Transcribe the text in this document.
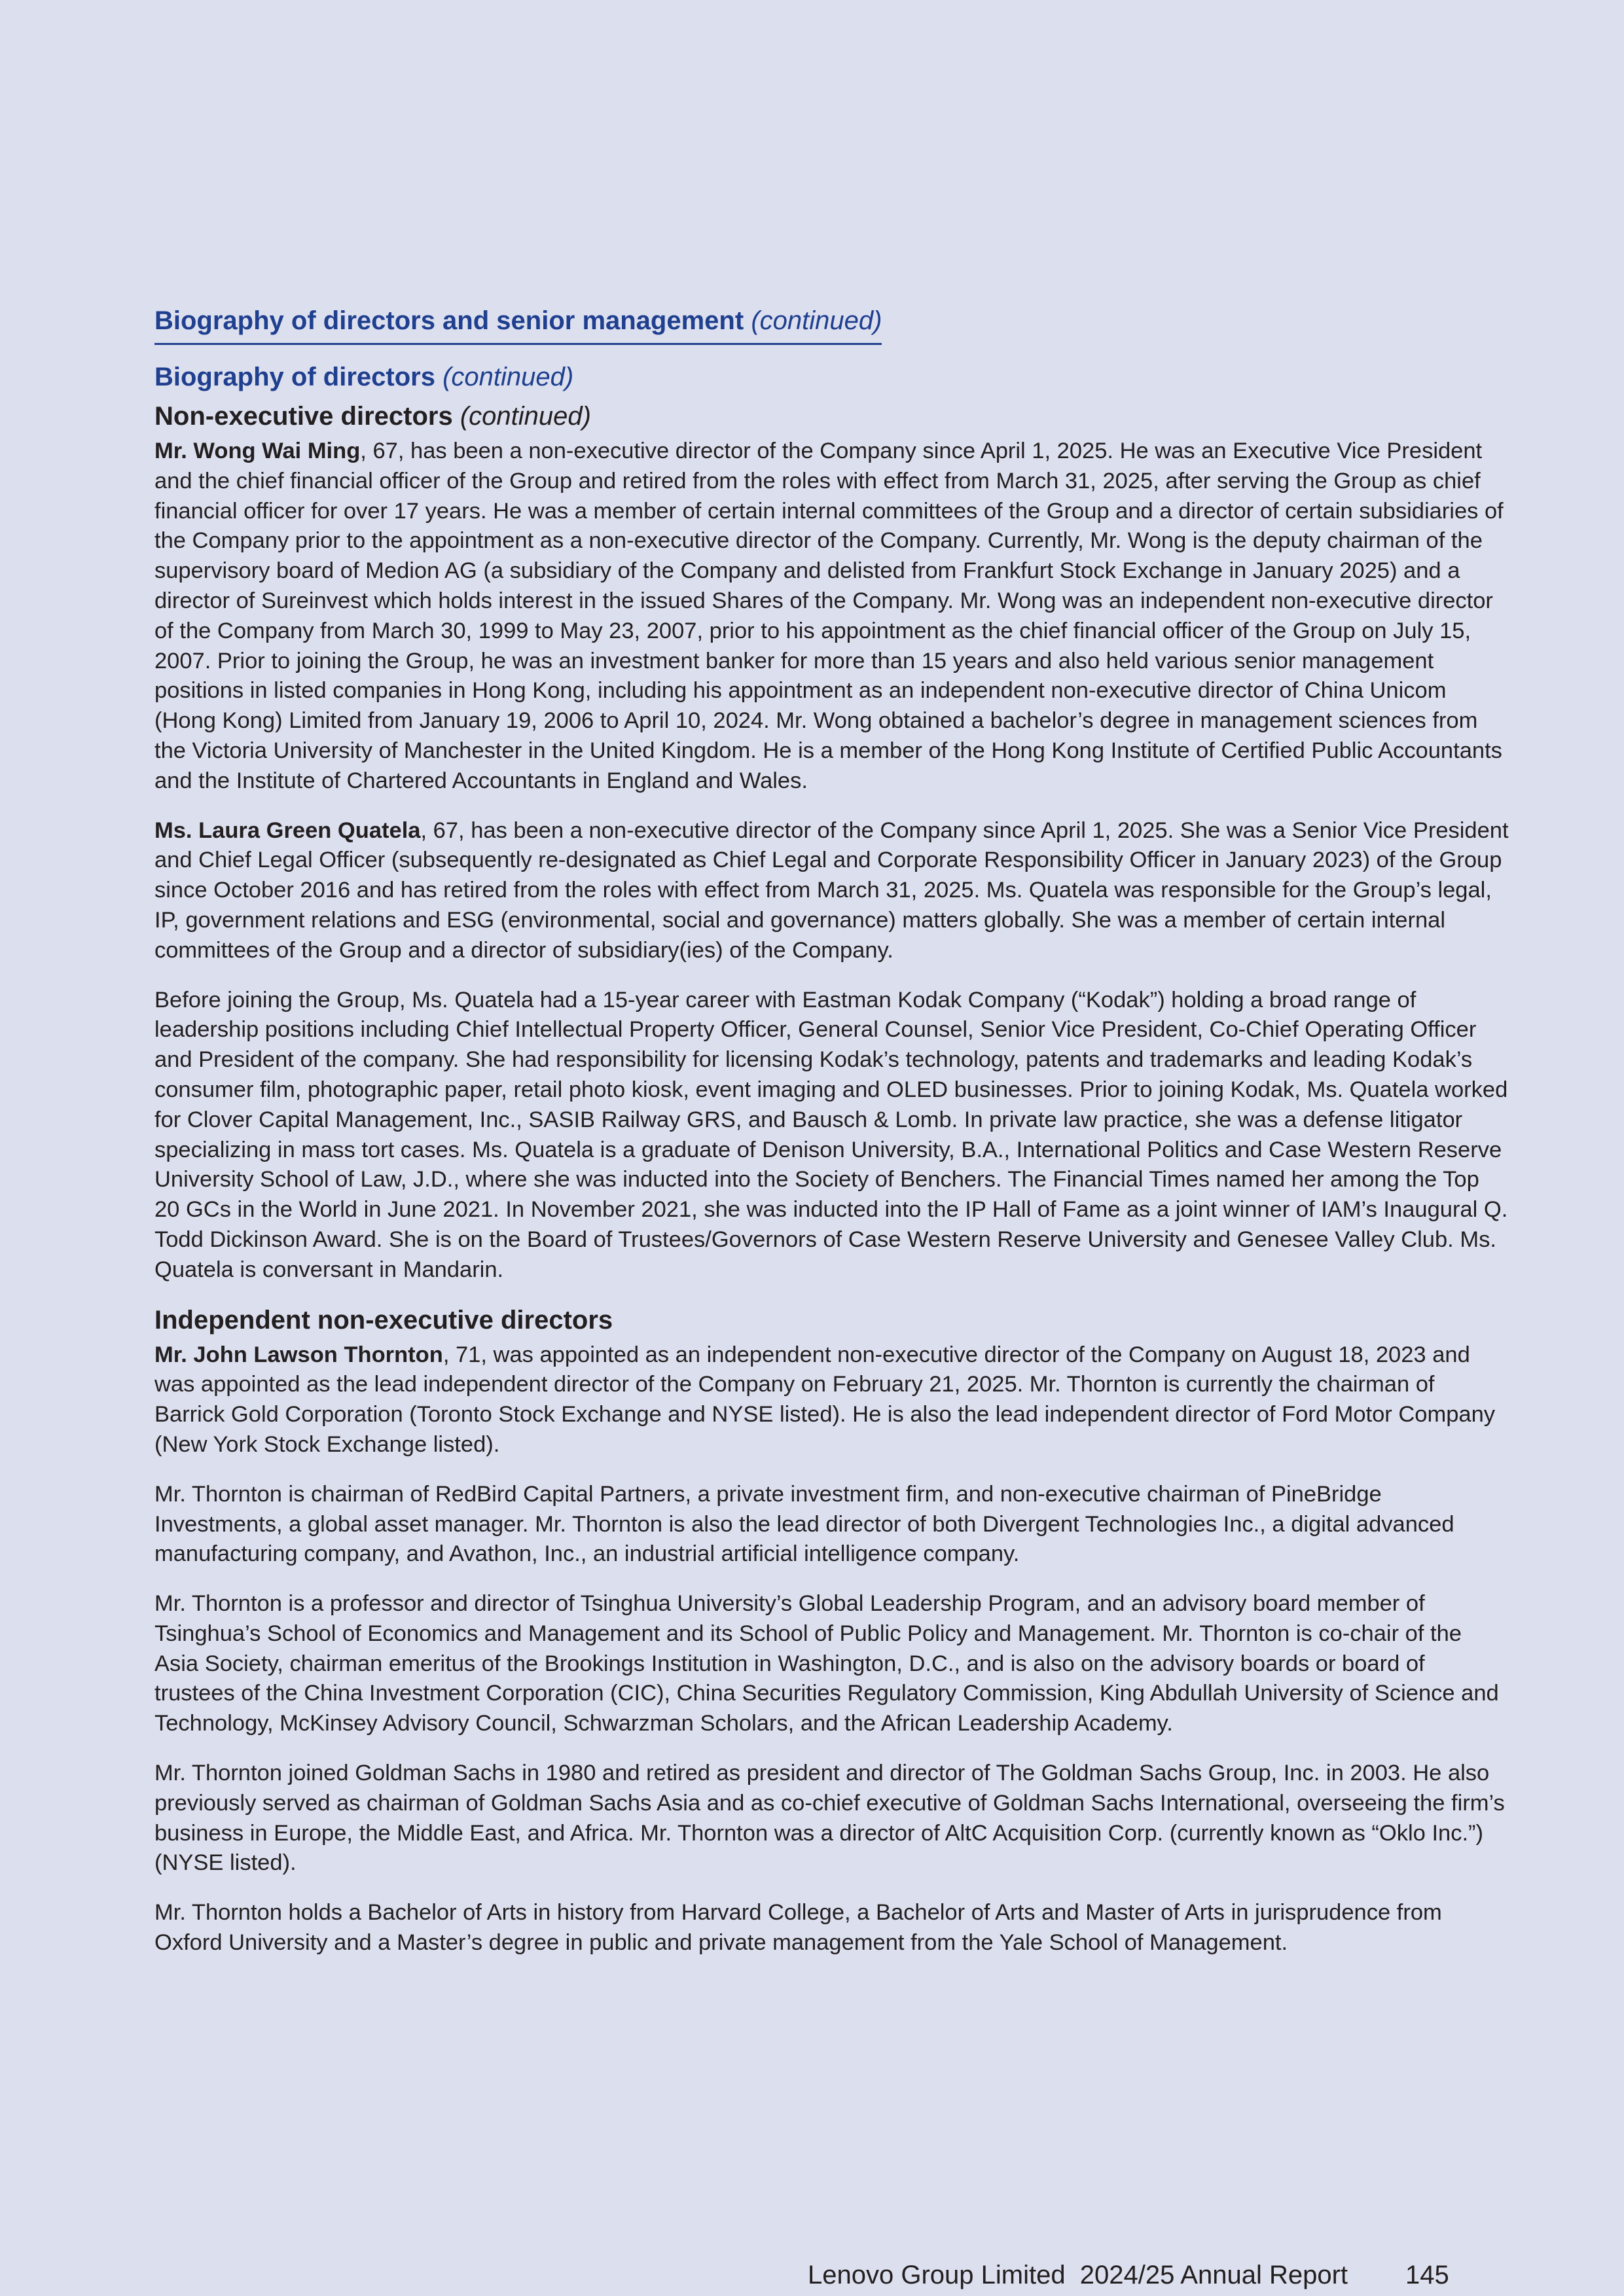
Biography of directors and senior management (continued)
Biography of directors (continued)
Non-executive directors (continued)

Mr. Wong Wai Ming, 67, has been a non-executive director of the Company since April 1, 2025. He was an Executive Vice President and the chief financial officer of the Group and retired from the roles with effect from March 31, 2025, after serving the Group as chief financial officer for over 17 years. He was a member of certain internal committees of the Group and a director of certain subsidiaries of the Company prior to the appointment as a non-executive director of the Company. Currently, Mr. Wong is the deputy chairman of the supervisory board of Medion AG (a subsidiary of the Company and delisted from Frankfurt Stock Exchange in January 2025) and a director of Sureinvest which holds interest in the issued Shares of the Company. Mr. Wong was an independent non-executive director of the Company from March 30, 1999 to May 23, 2007, prior to his appointment as the chief financial officer of the Group on July 15, 2007. Prior to joining the Group, he was an investment banker for more than 15 years and also held various senior management positions in listed companies in Hong Kong, including his appointment as an independent non-executive director of China Unicom (Hong Kong) Limited from January 19, 2006 to April 10, 2024. Mr. Wong obtained a bachelor’s degree in management sciences from the Victoria University of Manchester in the United Kingdom. He is a member of the Hong Kong Institute of Certified Public Accountants and the Institute of Chartered Accountants in England and Wales.

Ms. Laura Green Quatela, 67, has been a non-executive director of the Company since April 1, 2025. She was a Senior Vice President and Chief Legal Officer (subsequently re-designated as Chief Legal and Corporate Responsibility Officer in January 2023) of the Group since October 2016 and has retired from the roles with effect from March 31, 2025. Ms. Quatela was responsible for the Group’s legal, IP, government relations and ESG (environmental, social and governance) matters globally. She was a member of certain internal committees of the Group and a director of subsidiary(ies) of the Company.

Before joining the Group, Ms. Quatela had a 15-year career with Eastman Kodak Company (“Kodak”) holding a broad range of leadership positions including Chief Intellectual Property Officer, General Counsel, Senior Vice President, Co-Chief Operating Officer and President of the company. She had responsibility for licensing Kodak’s technology, patents and trademarks and leading Kodak’s consumer film, photographic paper, retail photo kiosk, event imaging and OLED businesses. Prior to joining Kodak, Ms. Quatela worked for Clover Capital Management, Inc., SASIB Railway GRS, and Bausch & Lomb. In private law practice, she was a defense litigator specializing in mass tort cases. Ms. Quatela is a graduate of Denison University, B.A., International Politics and Case Western Reserve University School of Law, J.D., where she was inducted into the Society of Benchers. The Financial Times named her among the Top 20 GCs in the World in June 2021. In November 2021, she was inducted into the IP Hall of Fame as a joint winner of IAM’s Inaugural Q. Todd Dickinson Award. She is on the Board of Trustees/Governors of Case Western Reserve University and Genesee Valley Club. Ms. Quatela is conversant in Mandarin.

Independent non-executive directors

Mr. John Lawson Thornton, 71, was appointed as an independent non-executive director of the Company on August 18, 2023 and was appointed as the lead independent director of the Company on February 21, 2025. Mr. Thornton is currently the chairman of Barrick Gold Corporation (Toronto Stock Exchange and NYSE listed). He is also the lead independent director of Ford Motor Company (New York Stock Exchange listed).

Mr. Thornton is chairman of RedBird Capital Partners, a private investment firm, and non-executive chairman of PineBridge Investments, a global asset manager. Mr. Thornton is also the lead director of both Divergent Technologies Inc., a digital advanced manufacturing company, and Avathon, Inc., an industrial artificial intelligence company.

Mr. Thornton is a professor and director of Tsinghua University’s Global Leadership Program, and an advisory board member of Tsinghua’s School of Economics and Management and its School of Public Policy and Management. Mr. Thornton is co-chair of the Asia Society, chairman emeritus of the Brookings Institution in Washington, D.C., and is also on the advisory boards or board of trustees of the China Investment Corporation (CIC), China Securities Regulatory Commission, King Abdullah University of Science and Technology, McKinsey Advisory Council, Schwarzman Scholars, and the African Leadership Academy.

Mr. Thornton joined Goldman Sachs in 1980 and retired as president and director of The Goldman Sachs Group, Inc. in 2003. He also previously served as chairman of Goldman Sachs Asia and as co-chief executive of Goldman Sachs International, overseeing the firm’s business in Europe, the Middle East, and Africa. Mr. Thornton was a director of AltC Acquisition Corp. (currently known as “Oklo Inc.”) (NYSE listed).

Mr. Thornton holds a Bachelor of Arts in history from Harvard College, a Bachelor of Arts and Master of Arts in jurisprudence from Oxford University and a Master’s degree in public and private management from the Yale School of Management.

Lenovo Group Limited  2024/25 Annual Report 145
